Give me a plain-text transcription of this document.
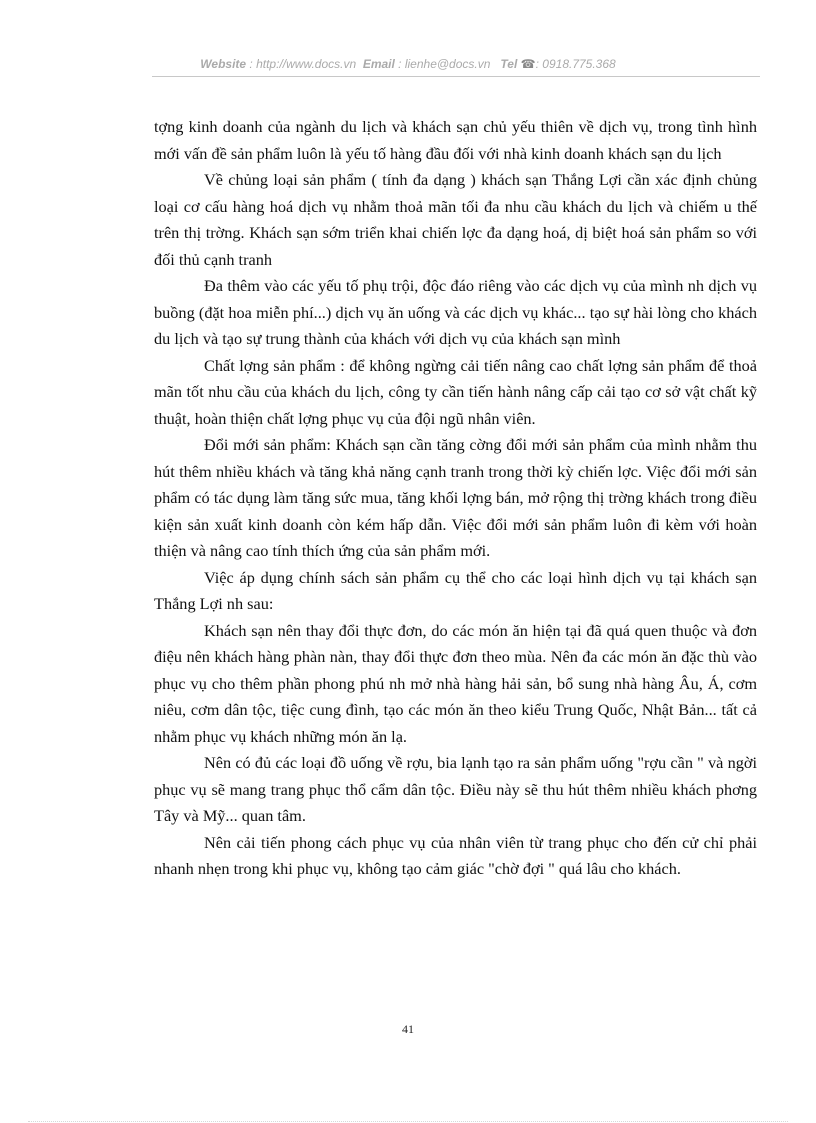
Website : http://www.docs.vn Email : lienhe@docs.vn Tel ☎: 0918.775.368

tợng kinh doanh của ngành du lịch và khách sạn chủ yếu thiên về dịch vụ, trong tình hình mới vấn đề sản phẩm luôn là yếu tố hàng đầu đối với nhà kinh doanh khách sạn du lịch

Về chủng loại sản phẩm ( tính đa dạng ) khách sạn Thắng Lợi cần xác định chủng loại cơ cấu hàng hoá dịch vụ nhằm thoả mãn tối đa nhu cầu khách du lịch và chiếm u thế trên thị trờng. Khách sạn sớm triển khai chiến lợc đa dạng hoá, dị biệt hoá sản phẩm so với đối thủ cạnh tranh

Đa thêm vào các yếu tố phụ trội, độc đáo riêng vào các dịch vụ của mình nh dịch vụ buồng (đặt hoa miễn phí...) dịch vụ ăn uống và các dịch vụ khác... tạo sự hài lòng cho khách du lịch và tạo sự trung thành của khách với dịch vụ của khách sạn mình

Chất lợng sản phẩm : để không ngừng cải tiến nâng cao chất lợng sản phẩm để thoả mãn tốt nhu cầu của khách du lịch, công ty cần tiến hành nâng cấp cải tạo cơ sở vật chất kỹ thuật, hoàn thiện chất lợng phục vụ của đội ngũ nhân viên.

Đổi mới sản phẩm: Khách sạn cần tăng cờng đổi mới sản phẩm của mình nhằm thu hút thêm nhiều khách và tăng khả năng cạnh tranh trong thời kỳ chiến lợc. Việc đổi mới sản phẩm có tác dụng làm tăng sức mua, tăng khối lợng bán, mở rộng thị trờng khách trong điều kiện sản xuất kinh doanh còn kém hấp dẫn. Việc đổi mới sản phẩm luôn đi kèm với hoàn thiện và nâng cao tính thích ứng của sản phẩm mới.

Việc áp dụng chính sách sản phẩm cụ thể cho các loại hình dịch vụ tại khách sạn Thắng Lợi nh sau:

Khách sạn nên thay đổi thực đơn, do các món ăn hiện tại đã quá quen thuộc và đơn điệu nên khách hàng phàn nàn, thay đổi thực đơn theo mùa. Nên đa các món ăn đặc thù vào phục vụ cho thêm phần phong phú nh mở nhà hàng hải sản, bổ sung nhà hàng Âu, Á, cơm niêu, cơm dân tộc, tiệc cung đình, tạo các món ăn theo kiểu Trung Quốc, Nhật Bản... tất cả nhằm phục vụ khách những món ăn lạ.

Nên có đủ các loại đồ uống về rợu, bia lạnh tạo ra sản phẩm uống "rợu cần " và ngời phục vụ sẽ mang trang phục thổ cẩm dân tộc. Điều này sẽ thu hút thêm nhiều khách phơng Tây và Mỹ... quan tâm.

Nên cải tiến phong cách phục vụ của nhân viên từ trang phục cho đến cử chỉ phải nhanh nhẹn trong khi phục vụ, không tạo cảm giác "chờ đợi " quá lâu cho khách.

41
